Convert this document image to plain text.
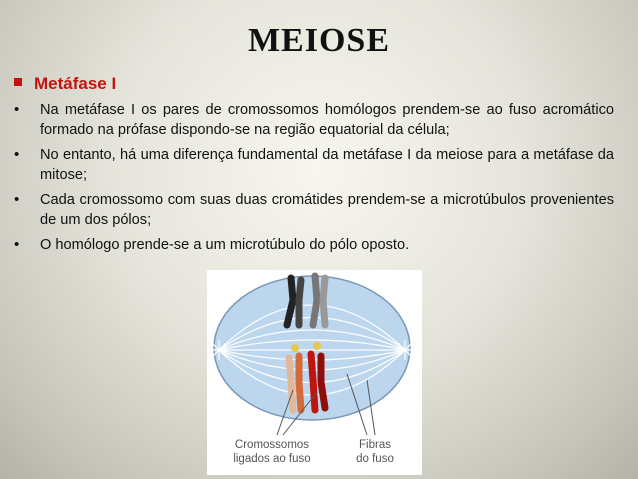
MEIOSE
Metáfase I
• Na metáfase I os pares de cromossomos homólogos prendem-se ao fuso acromático formado na prófase dispondo-se na região equatorial da célula;
• No entanto, há uma diferença fundamental da metáfase I da meiose para a metáfase da mitose;
• Cada cromossomo com suas duas cromátides prendem-se a microtúbulos provenientes de um dos pólos;
• O homólogo prende-se a um microtúbulo do pólo oposto.
Cromossomos
ligados ao fuso
Fibras
do fuso
